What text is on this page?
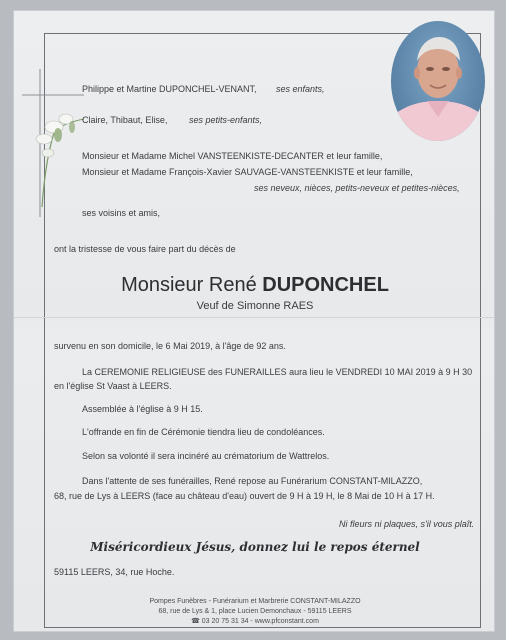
Philippe et Martine DUPONCHEL-VENANT, ses enfants,
Claire, Thibaut, Elise, ses petits-enfants,
Monsieur et Madame Michel VANSTEENKISTE-DECANTER et leur famille,
Monsieur et Madame François-Xavier SAUVAGE-VANSTEENKISTE et leur famille,
ses neveux, nièces, petits-neveux et petites-nièces,
ses voisins et amis,
ont la tristesse de vous faire part du décès de
Monsieur René DUPONCHEL
Veuf de Simonne RAES
survenu en son domicile, le 6 Mai 2019, à l'âge de 92 ans.
La CEREMONIE RELIGIEUSE des FUNERAILLES aura lieu le VENDREDI 10 MAI 2019 à 9 H 30
en l'église St Vaast à LEERS.
Assemblée à l'église à 9 H 15.
L'offrande en fin de Cérémonie tiendra lieu de condoléances.
Selon sa volonté il sera incinéré au crématorium de Wattrelos.
Dans l'attente de ses funérailles, René repose au Funérarium CONSTANT-MILAZZO,
68, rue de Lys à LEERS (face au château d'eau) ouvert de 9 H à 19 H, le 8 Mai de 10 H à 17 H.
Ni fleurs ni plaques, s'il vous plaît.
Miséricordieux Jésus, donnez lui le repos éternel
59115 LEERS, 34, rue Hoche.
Pompes Funèbres - Funérarium et Marbrerie CONSTANT-MILAZZO
68, rue de Lys & 1, place Lucien Demonchaux - 59115 LEERS
☎ 03 20 75 31 34 - www.pfconstant.com
